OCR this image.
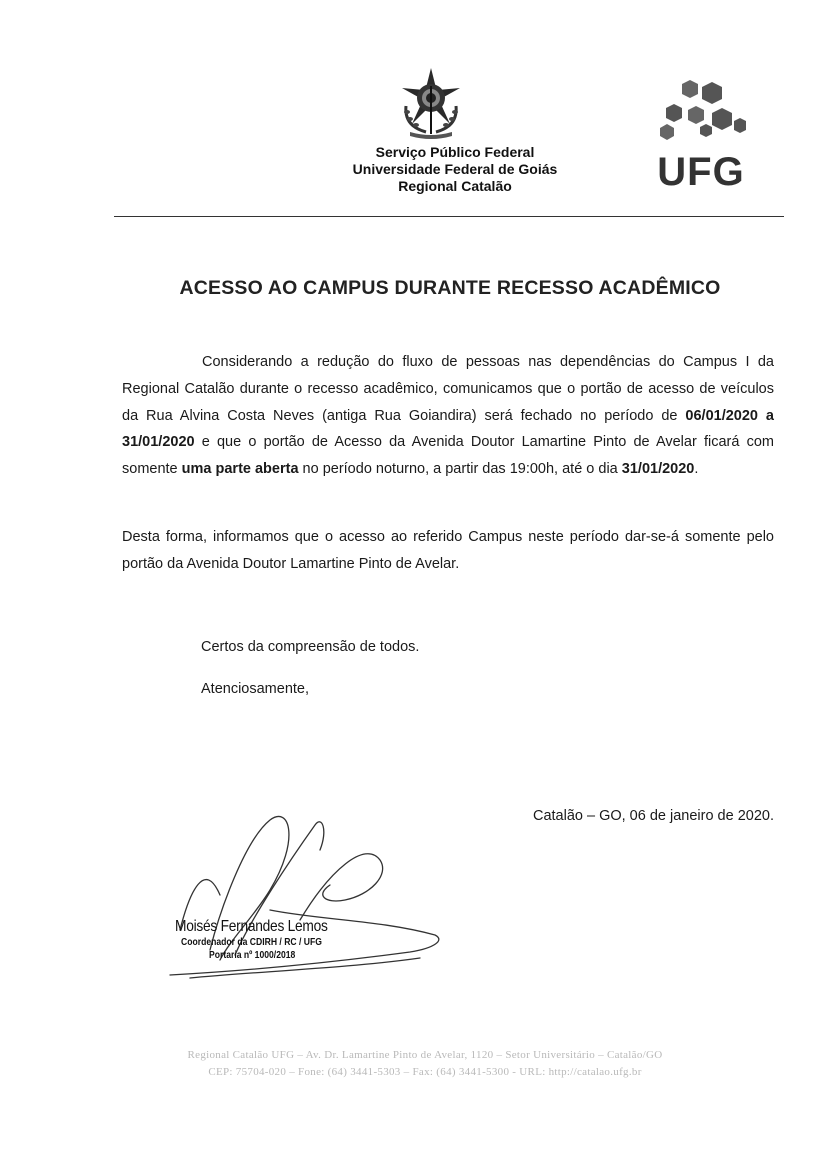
Serviço Público Federal
Universidade Federal de Goiás
Regional Catalão	UFG
ACESSO AO CAMPUS DURANTE RECESSO ACADÊMICO
Considerando a redução do fluxo de pessoas nas dependências do Campus I da Regional Catalão durante o recesso acadêmico, comunicamos que o portão de acesso de veículos da Rua Alvina Costa Neves (antiga Rua Goiandira) será fechado no período de 06/01/2020 a 31/01/2020 e que o portão de Acesso da Avenida Doutor Lamartine Pinto de Avelar ficará com somente uma parte aberta no período noturno, a partir das 19:00h, até o dia 31/01/2020.
Desta forma, informamos que o acesso ao referido Campus neste período dar-se-á somente pelo portão da Avenida Doutor Lamartine Pinto de Avelar.
Certos da compreensão de todos.
Atenciosamente,
Catalão – GO, 06 de janeiro de 2020.
Moisés Fernandes Lemos
Coordenador da CDIRH / RC / UFG
Portaria nº 1000/2018
Regional Catalão UFG – Av. Dr. Lamartine Pinto de Avelar, 1120 – Setor Universitário – Catalão/GO
CEP: 75704-020 – Fone: (64) 3441-5303 – Fax: (64) 3441-5300 - URL: http://catalao.ufg.br
